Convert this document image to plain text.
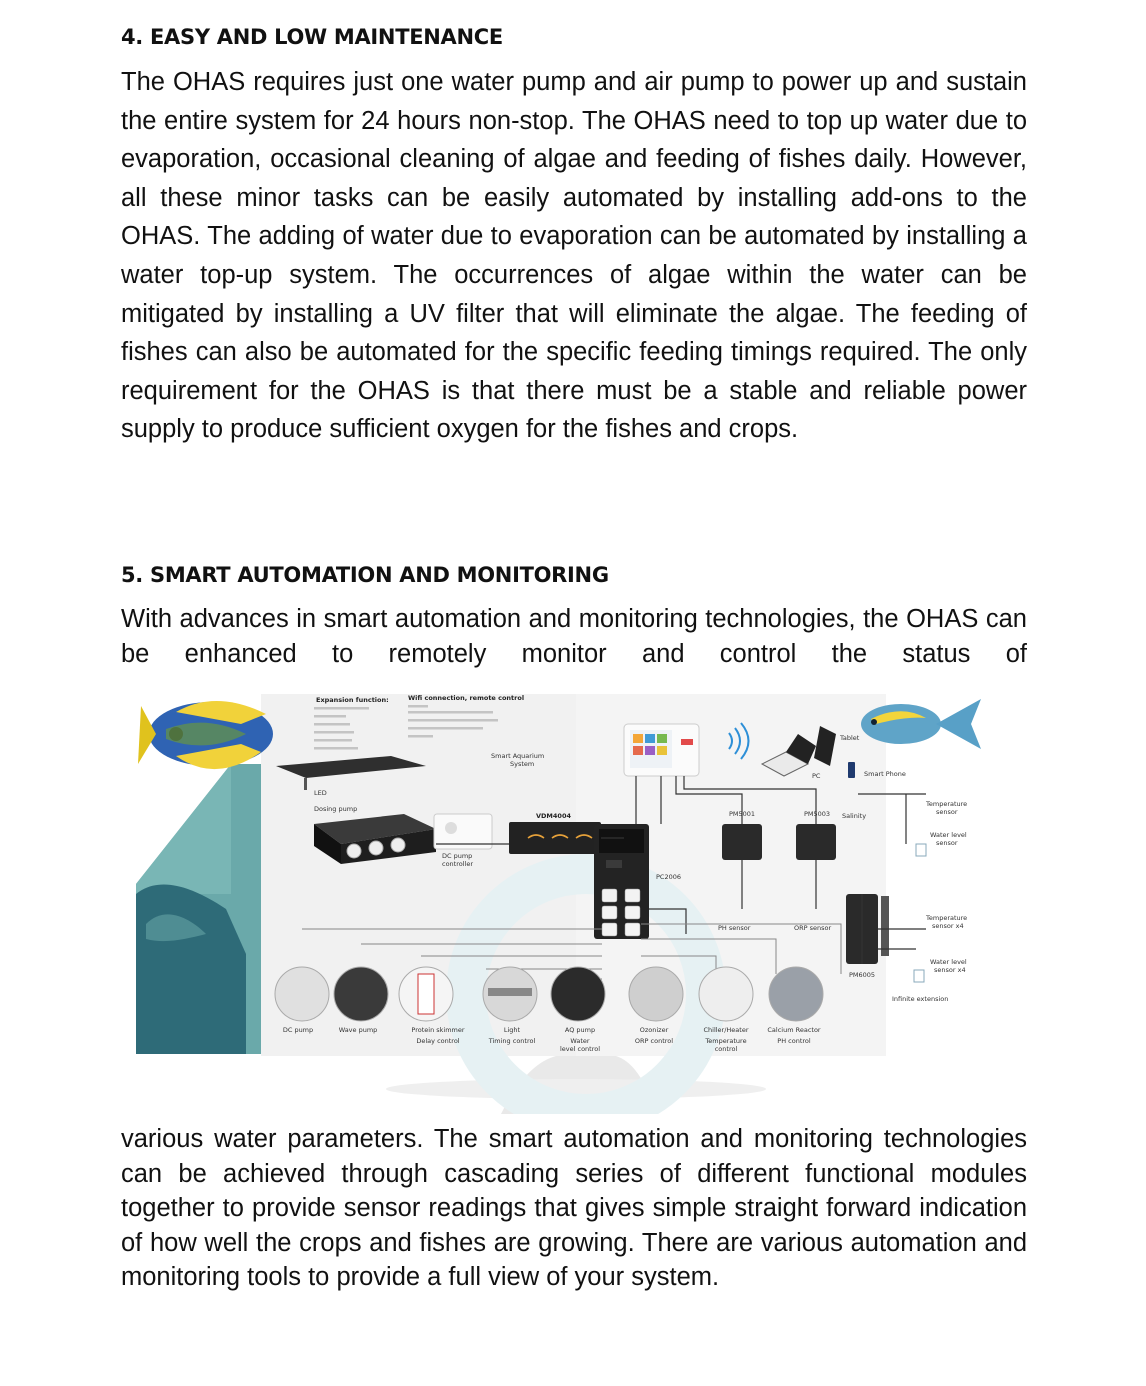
4. EASY AND LOW MAINTENANCE

The OHAS requires just one water pump and air pump to power up and sustain the entire system for 24 hours non-stop. The OHAS need to top up water due to evaporation, occasional cleaning of algae and feeding of fishes daily. However, all these minor tasks can be easily automated by installing add-ons to the OHAS. The adding of water due to evaporation can be automated by installing a water top-up system. The occurrences of algae within the water can be mitigated by installing a UV filter that will eliminate the algae. The feeding of fishes can also be automated for the specific feeding timings required. The only requirement for the OHAS is that there must be a stable and reliable power supply to produce sufficient oxygen for the fishes and crops.

5. SMART AUTOMATION AND MONITORING

With advances in smart automation and monitoring technologies, the OHAS can be enhanced to remotely monitor and control the status of

Expansion function:	Wifi connection, remote control
LED
Dosing pump
DC pump
controller
Smart Aquarium
System
VDM4004
PC2006
PM5001	PM5003 Salinity
PH sensor	ORP sensor
PC
Tablet
Smart Phone
Temperature
sensor
Water level
sensor
PM6005
Temperature
sensor x4
Water level
sensor x4
Infinite extension
DC pump	Wave pump	Protein skimmer
Delay control
Light
Timing control
AQ pump
Water
level control
Ozonizer
ORP control
Chiller/Heater
Temperature
control
Calcium Reactor
PH control

various water parameters. The smart automation and monitoring technologies can be achieved through cascading series of different functional modules together to provide sensor readings that gives simple straight forward indication of how well the crops and fishes are growing. There are various automation and monitoring tools to provide a full view of your system.
